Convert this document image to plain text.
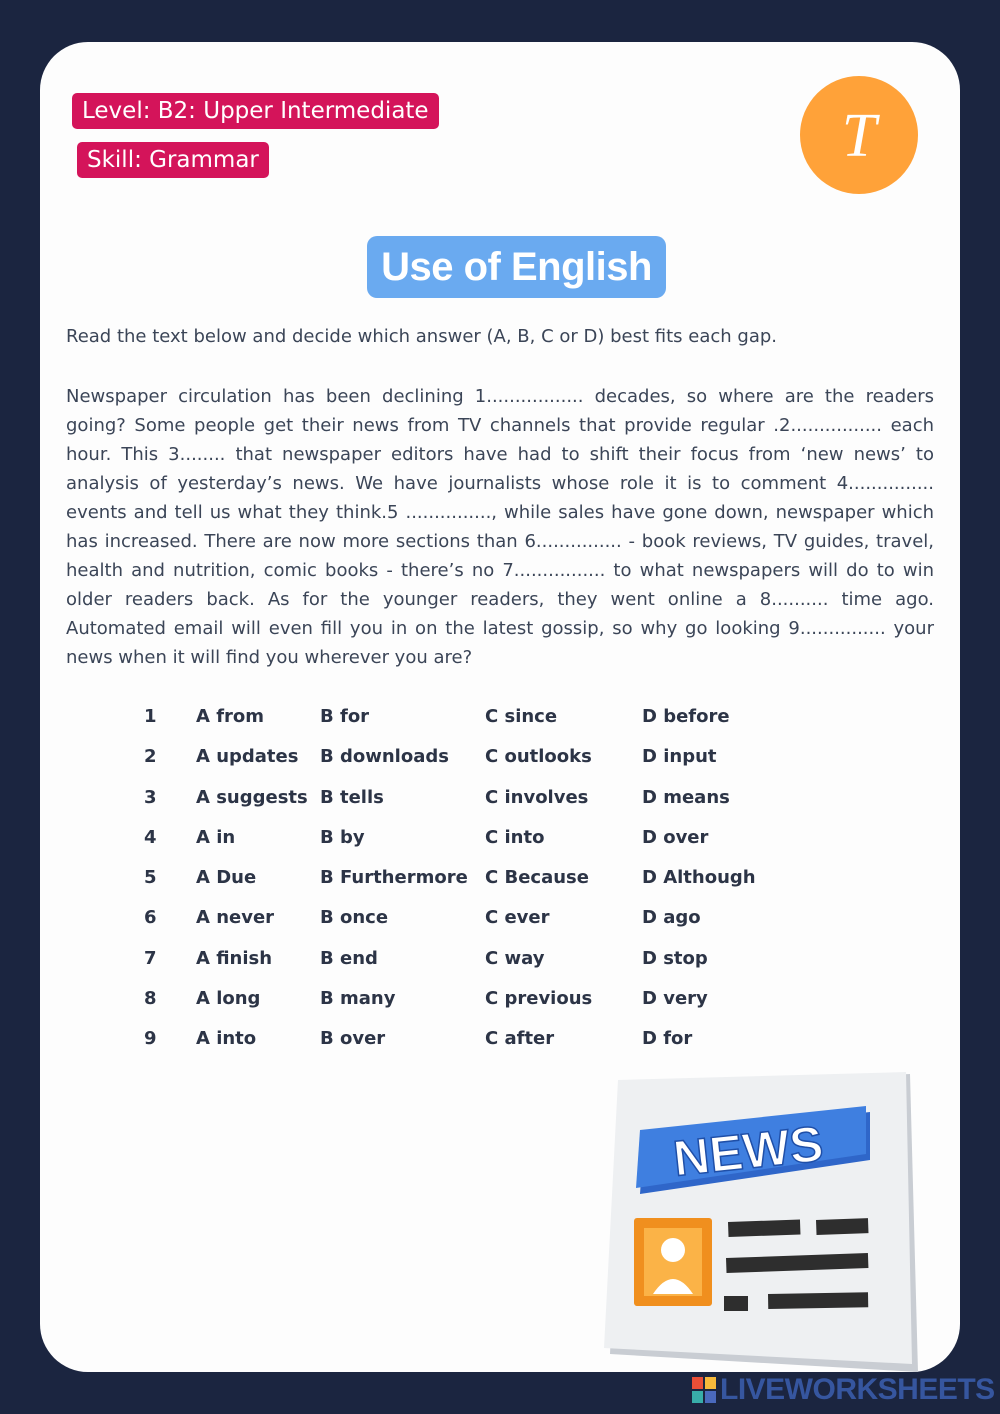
Level: B2: Upper Intermediate
Skill: Grammar	T
Use of English
Read the text below and decide which answer (A, B, C or D) best fits each gap.
Newspaper circulation has been declining 1................. decades, so where are the readers going? Some people get their news from TV channels that provide regular .2................ each hour. This 3........ that newspaper editors have had to shift their focus from ‘new news’ to analysis of yesterday’s news. We have journalists whose role it is to comment 4............... events and tell us what they think.5 ..............., while sales have gone down, newspaper which has increased. There are now more sections than 6............... - book reviews, TV guides, travel, health and nutrition, comic books - there’s no 7................ to what newspapers will do to win older readers back. As for the younger readers, they went online a 8.......... time ago. Automated email will even fill you in on the latest gossip, so why go looking 9............... your news when it will find you wherever you are?
1 A from	B for	C since	D before
2 A updates B downloads C outlooks	D input
3 A suggests B tells	C involves	D means
4 A in	B by	C into	D over
5 A Due	B Furthermore C Because	D Although
6 A never	B once	C ever	D ago
7 A finish	B end	C way	D stop
8 A long	B many	C previous	D very
9 A into	B over	C after	D for
NEWS
LIVEWORKSHEETS
